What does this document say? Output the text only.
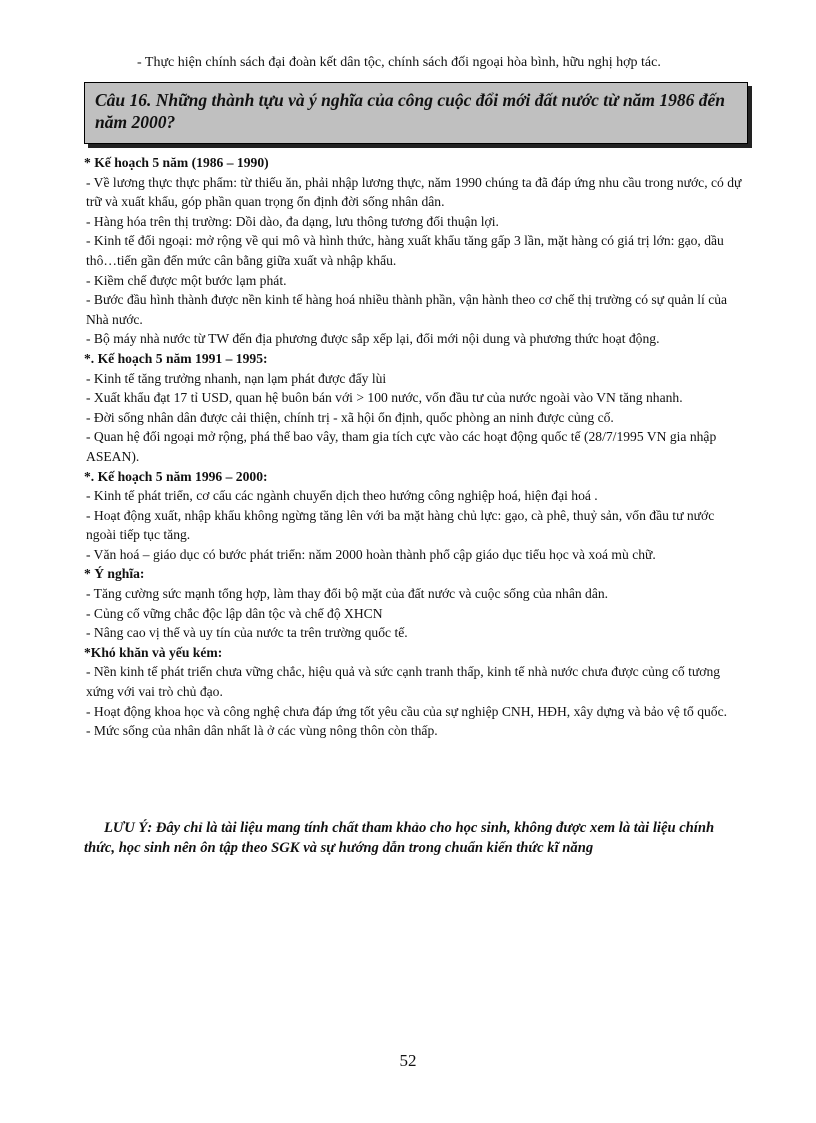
- Thực hiện chính sách đại đoàn kết dân tộc, chính sách đối ngoại hòa bình, hữu nghị hợp tác.
Câu 16. Những thành tựu và ý nghĩa của công cuộc đổi mới đất nước từ năm 1986 đến năm 2000?

* Kế hoạch 5 năm (1986 – 1990)

- Về lương thực thực phẩm: từ thiếu ăn, phải nhập lương thực, năm 1990 chúng ta đã đáp ứng nhu cầu trong nước, có dự trữ và xuất khẩu, góp phần quan trọng ổn định đời sống nhân dân.

- Hàng hóa trên thị trường: Dồi dào, đa dạng, lưu thông tương đối thuận lợi.

- Kinh tế đối ngoại: mở rộng về qui mô và hình thức, hàng xuất khẩu tăng gấp 3 lần, mặt hàng có giá trị lớn: gạo, dầu thô…tiến gần đến mức cân bằng giữa xuất và nhập khẩu.

- Kiềm chế được một bước lạm phát.

- Bước đầu hình thành được nền kinh tế hàng hoá nhiều thành phần, vận hành theo cơ chế thị trường có sự quản lí của Nhà nước.

- Bộ máy nhà nước từ TW đến địa phương được sắp xếp lại, đổi mới nội dung và phương thức hoạt động.

*. Kế hoạch 5 năm 1991 – 1995:

- Kinh tế tăng trưởng nhanh, nạn lạm phát được đẩy lùi

- Xuất khẩu đạt 17 tỉ USD, quan hệ buôn bán với > 100 nước, vốn đầu tư của nước ngoài vào VN tăng nhanh.

- Đời sống nhân dân được cải thiện, chính trị - xã hội ổn định, quốc phòng an ninh được củng cố.

- Quan hệ đối ngoại mở rộng, phá thế bao vây, tham gia tích cực vào các hoạt động quốc tế (28/7/1995 VN gia nhập ASEAN).

*. Kế hoạch 5 năm 1996 – 2000:

- Kinh tế phát triển, cơ cấu các ngành chuyển dịch theo hướng công nghiệp hoá, hiện đại hoá .

- Hoạt động xuất, nhập khẩu không ngừng tăng lên với ba mặt hàng chủ lực: gạo, cà phê, thuỷ sản, vốn đầu tư nước ngoài tiếp tục tăng.

- Văn hoá – giáo dục có bước phát triển: năm 2000 hoàn thành phổ cập giáo dục tiểu học và xoá mù chữ.

* Ý nghĩa:

- Tăng cường sức mạnh tổng hợp, làm thay đổi bộ mặt của đất nước và cuộc sống của nhân dân.

- Củng cố vững chắc độc lập dân tộc và chế độ XHCN

- Nâng cao vị thế và uy tín của nước ta trên trường quốc tế.

*Khó khăn và yếu kém:

- Nền kinh tế phát triển chưa vững chắc, hiệu quả và sức cạnh tranh thấp, kinh tế nhà nước chưa được củng cố tương xứng với vai trò chủ đạo.

- Hoạt động khoa học và công nghệ chưa đáp ứng tốt yêu cầu của sự nghiệp CNH, HĐH, xây dựng và bảo vệ tổ quốc.

- Mức sống của nhân dân nhất là ở các vùng nông thôn còn thấp.

LƯU Ý: Đây chỉ là tài liệu mang tính chất tham khảo cho học sinh, không được xem là tài liệu chính thức, học sinh nên ôn tập theo SGK và sự hướng dẫn trong chuẩn kiến thức kĩ năng
52
